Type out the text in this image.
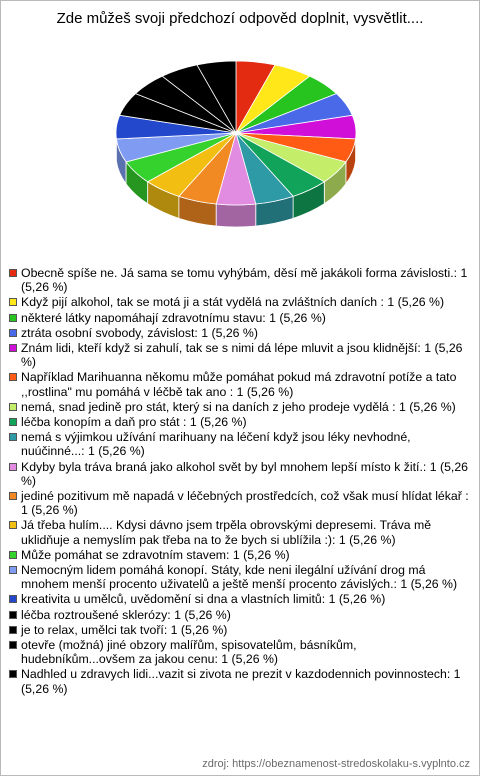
Zde můžeš svoji předchozí odpověd doplnit, vysvětlit....
Obecně spíše ne. Já sama se tomu vyhýbám, děsí mě jakákoli forma závislosti.: 1 (5,26 %)
Když pijí alkohol, tak se motá ji a stát vydělá na zvláštních daních : 1 (5,26 %)
některé látky napomáhají zdravotnímu stavu: 1 (5,26 %)
ztráta osobní svobody, závislost: 1 (5,26 %)
Znám lidi, kteří když si zahulí, tak se s nimi dá lépe mluvit a jsou klidnější: 1 (5,26 %)
Například Marihuanna někomu může pomáhat pokud má zdravotní potíže a tato ,,rostlina" mu pomáhá v léčbě tak ano : 1 (5,26 %)
nemá, snad jedině pro stát, který si na daních z jeho prodeje vydělá : 1 (5,26 %)
léčba konopím a daň pro stát : 1 (5,26 %)
nemá s výjimkou užívání marihuany na léčení když jsou léky nevhodné, nuúčinné...: 1 (5,26 %)
Kdyby byla tráva braná jako alkohol svět by byl mnohem lepší místo k žití.: 1 (5,26 %)
jediné pozitivum mě napadá v léčebných prostředcích, což však musí hlídat lékař : 1 (5,26 %)
Já třeba hulím.... Kdysi dávno jsem trpěla obrovskými depresemi. Tráva mě uklidňuje a nemyslím pak třeba na to že bych si ublížila :): 1 (5,26 %)
Může pomáhat se zdravotním stavem: 1 (5,26 %)
Nemocným lidem pomáhá konopí. Státy, kde neni ilegální užívání drog má mnohem menší procento uživatelů a ještě menší procento závislých.: 1 (5,26 %)
kreativita u umělců, uvědomění si dna a vlastních limitů: 1 (5,26 %)
léčba roztroušené sklerózy: 1 (5,26 %)
je to relax, umělci tak tvoří: 1 (5,26 %)
otevře (možná) jiné obzory malířům, spisovatelům, básníkům, hudebníkům...ovšem za jakou cenu: 1 (5,26 %)
Nadhled u zdravych lidi...vazit si zivota ne prezit v kazdodennich povinnostech: 1 (5,26 %)
zdroj: https://obeznamenost-stredoskolaku-s.vyplnto.cz
